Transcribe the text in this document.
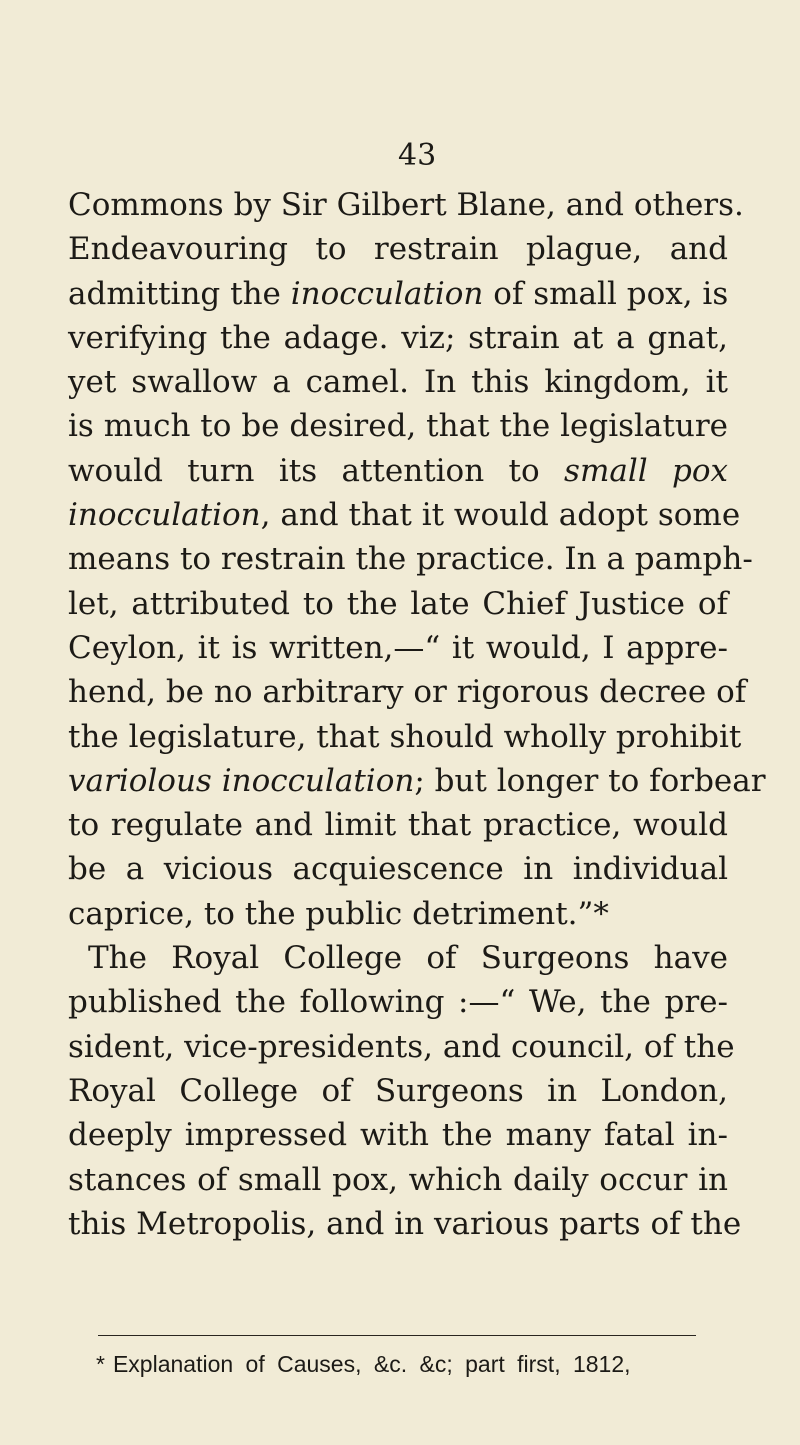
43
Commons by Sir Gilbert Blane, and others.
Endeavouring to restrain plague, and
admitting the inocculation of small pox, is
verifying the adage. viz; strain at a gnat,
yet swallow a camel. In this kingdom, it
is much to be desired, that the legislature
would turn its attention to small pox
inocculation, and that it would adopt some
means to restrain the practice. In a pamph-
let, attributed to the late Chief Justice of
Ceylon, it is written,—“ it would, I appre-
hend, be no arbitrary or rigorous decree of
the legislature, that should wholly prohibit
variolous inocculation; but longer to forbear
to regulate and limit that practice, would
be a vicious acquiescence in individual
caprice, to the public detriment.”*
The Royal College of Surgeons have
published the following :—“ We, the pre-
sident, vice-presidents, and council, of the
Royal College of Surgeons in London,
deeply impressed with the many fatal in-
stances of small pox, which daily occur in
this Metropolis, and in various parts of the
* Explanation of Causes, &c. &c; part first, 1812,
